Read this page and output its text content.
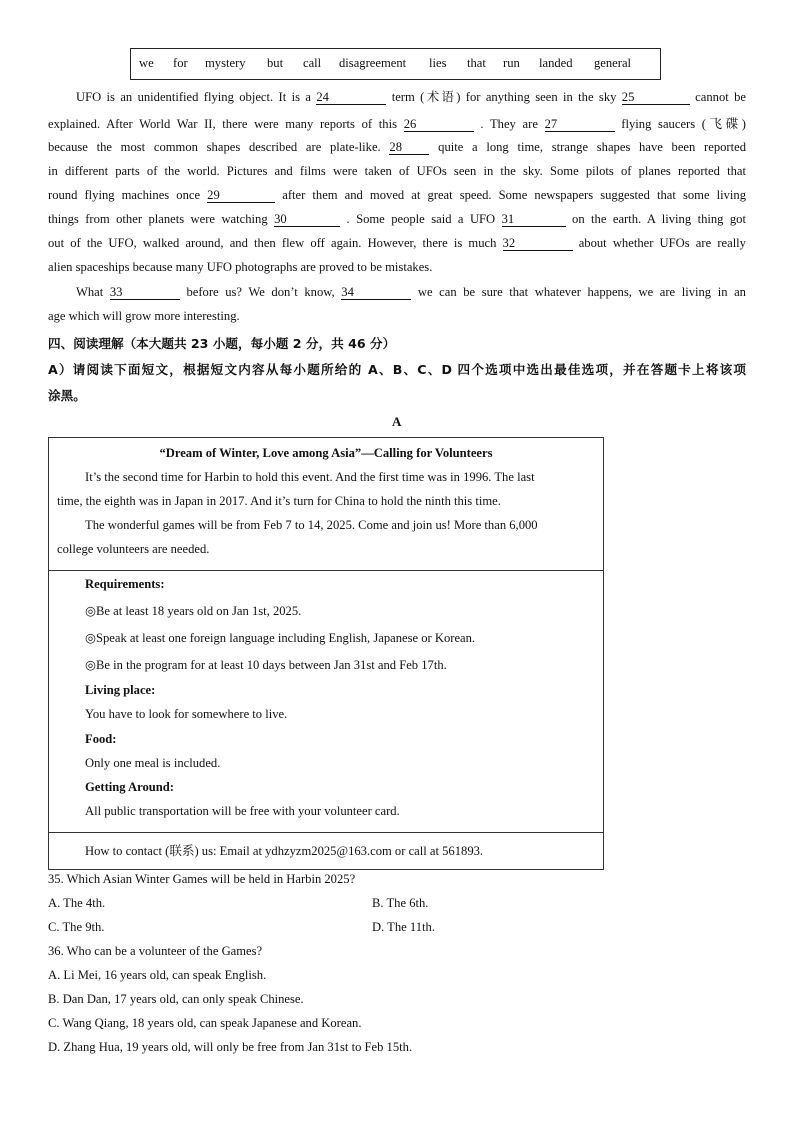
we for mystery but call disagreement lies that run landed general
UFO is an unidentified flying object. It is a 24	term (术语) for anything seen in the sky 25	cannot be
explained. After World War II, there were many reports of this 26	. They are 27	flying saucers (飞碟)
because the most common shapes described are plate-like. 28	quite a long time, strange shapes have been reported
in different parts of the world. Pictures and films were taken of UFOs seen in the sky. Some pilots of planes reported that
round flying machines once 29	after them and moved at great speed. Some newspapers suggested that some living
things from other planets were watching 30	. Some people said a UFO 31	on the earth. A living thing got
out of the UFO, walked around, and then flew off again. However, there is much 32	about whether UFOs are really
alien spaceships because many UFO photographs are proved to be mistakes.
What 33	before us? We don’t know, 34	we can be sure that whatever happens, we are living in an
age which will grow more interesting.
四、阅读理解（本大题共 23 小题，每小题 2 分，共 46 分）
A）请阅读下面短文，根据短文内容从每小题所给的 A、B、C、D 四个选项中选出最佳选项，并在答题卡上将该项
涂黑。
A
“Dream of Winter, Love among Asia”—Calling for Volunteers
It’s the second time for Harbin to hold this event. And the first time was in 1996. The last
time, the eighth was in Japan in 2017. And it’s turn for China to hold the ninth this time.
The wonderful games will be from Feb 7 to 14, 2025. Come and join us! More than 6,000
college volunteers are needed.
Requirements:
◎Be at least 18 years old on Jan 1st, 2025.
◎Speak at least one foreign language including English, Japanese or Korean.
◎Be in the program for at least 10 days between Jan 31st and Feb 17th.
Living place:
You have to look for somewhere to live.
Food:
Only one meal is included.
Getting Around:
All public transportation will be free with your volunteer card.
How to contact (联系) us: Email at ydhzyzm2025@163.com or call at 561893.
35. Which Asian Winter Games will be held in Harbin 2025?
A. The 4th.	B. The 6th.
C. The 9th.	D. The 11th.
36. Who can be a volunteer of the Games?
A. Li Mei, 16 years old, can speak English.
B. Dan Dan, 17 years old, can only speak Chinese.
C. Wang Qiang, 18 years old, can speak Japanese and Korean.
D. Zhang Hua, 19 years old, will only be free from Jan 31st to Feb 15th.
